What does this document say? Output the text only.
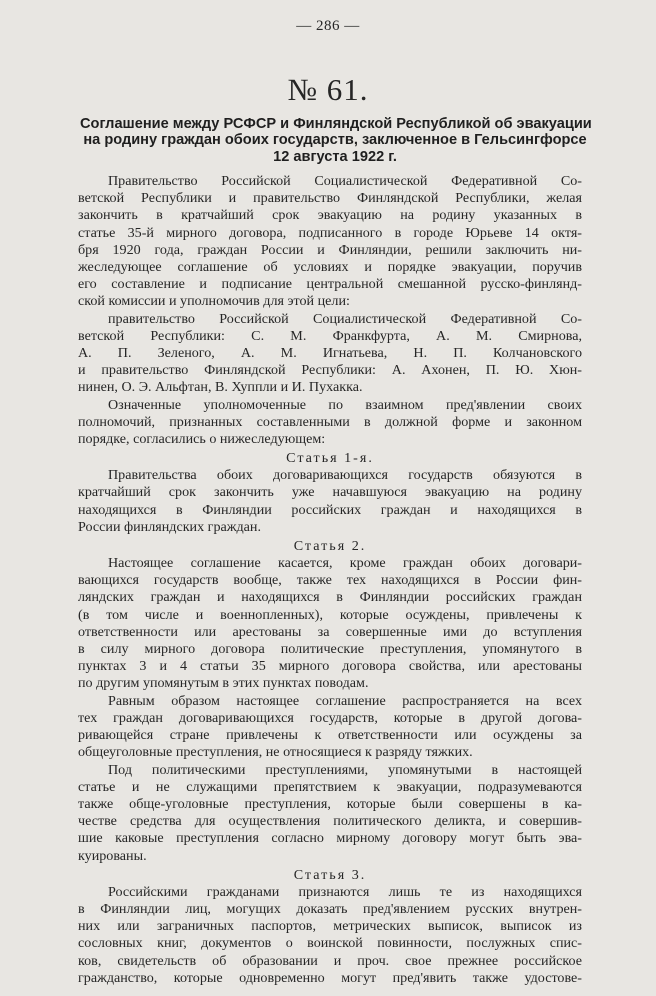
— 286 —
№ 61.
Соглашение между РСФСР и Финляндской Республикой об эвакуации
на родину граждан обоих государств, заключенное в Гельсингфорсе
12 августа 1922 г.
Правительство Российской Социалистической Федеративной Со-
ветской Республики и правительство Финляндской Республики, желая
закончить в кратчайший срок эвакуацию на родину указанных в
статье 35-й мирного договора, подписанного в городе Юрьеве 14 октя-
бря 1920 года, граждан России и Финляндии, решили заключить ни-
жеследующее соглашение об условиях и порядке эвакуации, поручив
его составление и подписание центральной смешанной русско-финлянд-
ской комиссии и уполномочив для этой цели:
правительство Российской Социалистической Федеративной Со-
ветской Республики: С. М. Франкфурта, А. М. Смирнова,
А. П. Зеленого, А. М. Игнатьева, Н. П. Колчановского
и правительство Финляндской Республики: А. Ахонен, П. Ю. Хюн-
нинен, О. Э. Альфтан, В. Хуппли и И. Пухакка.
Означенные уполномоченные по взаимном пред'явлении своих
полномочий, признанных составленными в должной форме и законном
порядке, согласились о нижеследующем:
Статья 1-я.
Правительства обоих договаривающихся государств обязуются в
кратчайший срок закончить уже начавшуюся эвакуацию на родину
находящихся в Финляндии российских граждан и находящихся в
России финляндских граждан.
Статья 2.
Настоящее соглашение касается, кроме граждан обоих договари-
вающихся государств вообще, также тех находящихся в России фин-
ляндских граждан и находящихся в Финляндии российских граждан
(в том числе и военнопленных), которые осуждены, привлечены к
ответственности или арестованы за совершенные ими до вступления
в силу мирного договора политические преступления, упомянутого в
пунктах 3 и 4 статьи 35 мирного договора свойства, или арестованы
по другим упомянутым в этих пунктах поводам.
Равным образом настоящее соглашение распространяется на всех
тех граждан договаривающихся государств, которые в другой догова-
ривающейся стране привлечены к ответственности или осуждены за
общеуголовные преступления, не относящиеся к разряду тяжких.
Под политическими преступлениями, упомянутыми в настоящей
статье и не служащими препятствием к эвакуации, подразумеваются
также обще-уголовные преступления, которые были совершены в ка-
честве средства для осуществления политического деликта, и совершив-
шие каковые преступления согласно мирному договору могут быть эва-
куированы.
Статья 3.
Российскими гражданами признаются лишь те из находящихся
в Финляндии лиц, могущих доказать пред'явлением русских внутрен-
них или заграничных паспортов, метрических выписок, выписок из
сословных книг, документов о воинской повинности, послужных спис-
ков, свидетельств об образовании и проч. свое прежнее российское
гражданство, которые одновременно могут пред'явить также удостове-
